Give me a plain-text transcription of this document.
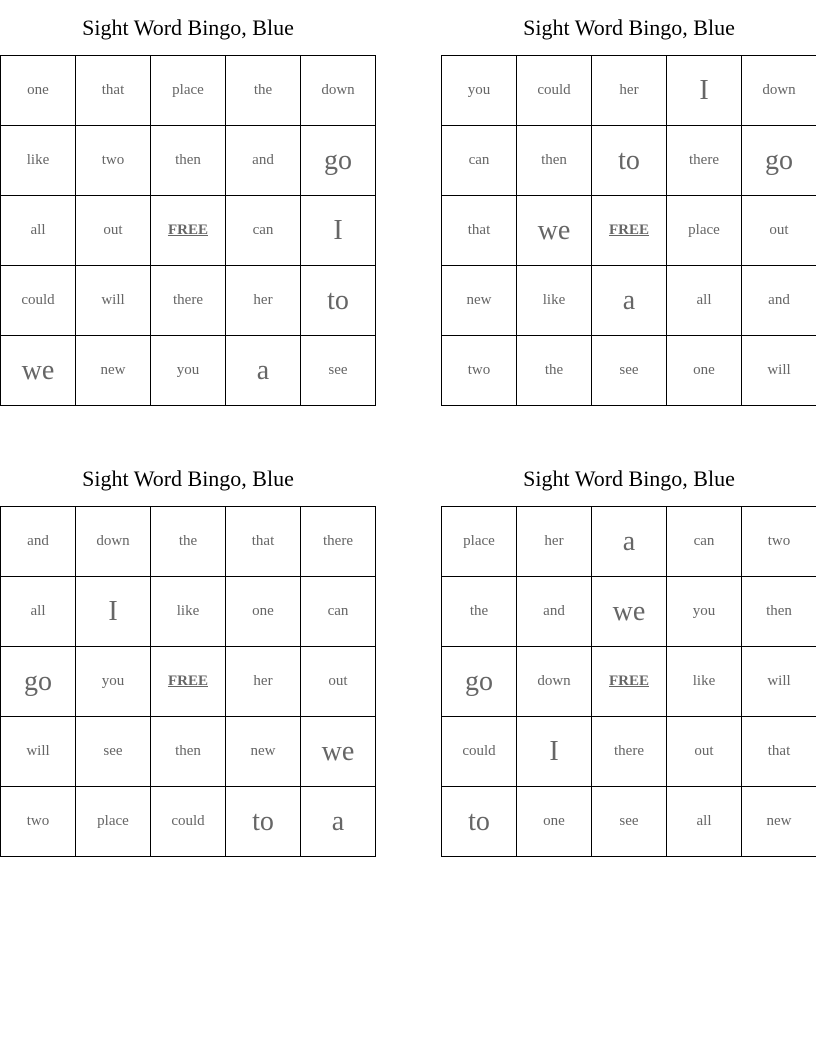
Sight Word Bingo, Blue
one	that	place	the	down
like	two	then	and	go
all	out	FREE	can	I
could	will	there	her	to
we	new	you	a	see
Sight Word Bingo, Blue
you	could	her	I	down
can	then	to	there	go
that	we	FREE	place	out
new	like	a	all	and
two	the	see	one	will
Sight Word Bingo, Blue
and	down	the	that	there
all	I	like	one	can
go	you	FREE	her	out
will	see	then	new	we
two	place	could	to	a
Sight Word Bingo, Blue
place	her	a	can	two
the	and	we	you	then
go	down	FREE	like	will
could	I	there	out	that
to	one	see	all	new
